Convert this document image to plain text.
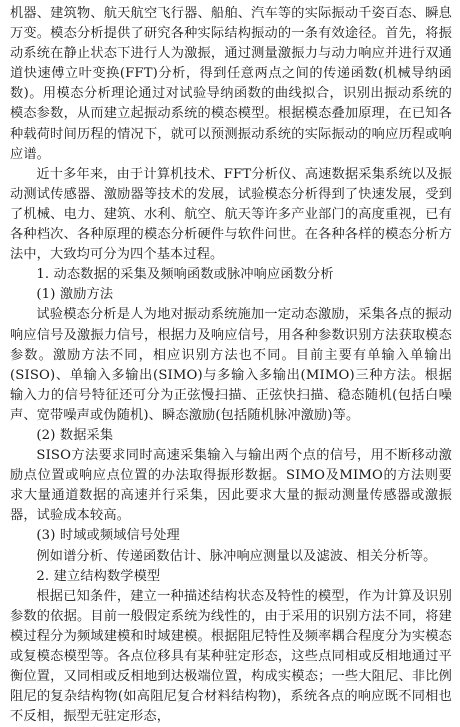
机器、建筑物、航天航空飞行器、船舶、汽车等的实际振动千姿百态、瞬息万变。模态分析提供了研究各种实际结构振动的一条有效途径。首先，将振动系统在静止状态下进行人为激振，通过测量激振力与动力响应并进行双通道快速傅立叶变换(FFT)分析，得到任意两点之间的传递函数(机械导纳函数)。用模态分析理论通过对试验导纳函数的曲线拟合，识别出振动系统的模态参数，从而建立起振动系统的模态模型。根据模态叠加原理，在已知各种载荷时间历程的情况下，就可以预测振动系统的实际振动的响应历程或响应谱。

近十多年来，由于计算机技术、FFT分析仪、高速数据采集系统以及振动测试传感器、激励器等技术的发展，试验模态分析得到了快速发展，受到了机械、电力、建筑、水利、航空、航天等许多产业部门的高度重视，已有各种档次、各种原理的模态分析硬件与软件问世。在各种各样的模态分析方法中，大致均可分为四个基本过程。

1. 动态数据的采集及频响函数或脉冲响应函数分析

(1) 激励方法

试验模态分析是人为地对振动系统施加一定动态激励，采集各点的振动响应信号及激振力信号，根据力及响应信号，用各种参数识别方法获取模态参数。激励方法不同，相应识别方法也不同。目前主要有单输入单输出(SISO)、单输入多输出(SIMO)与多输入多输出(MIMO)三种方法。根据输入力的信号特征还可分为正弦慢扫描、正弦快扫描、稳态随机(包括白噪声、宽带噪声或伪随机)、瞬态激励(包括随机脉冲激励)等。

(2) 数据采集

SISO方法要求同时高速采集输入与输出两个点的信号，用不断移动激励点位置或响应点位置的办法取得振形数据。SIMO及MIMO的方法则要求大量通道数据的高速并行采集，因此要求大量的振动测量传感器或激振器，试验成本较高。

(3) 时域或频域信号处理

例如谱分析、传递函数估计、脉冲响应测量以及滤波、相关分析等。

2. 建立结构数学模型

根据已知条件，建立一种描述结构状态及特性的模型，作为计算及识别参数的依据。目前一般假定系统为线性的，由于采用的识别方法不同，将建模过程分为频域建模和时域建模。根据阻尼特性及频率耦合程度分为实模态或复模态模型等。各点位移具有某种驻定形态，这些点同相或反相地通过平衡位置，又同相或反相地到达极端位置，构成实模态；一些大阻尼、非比例阻尼的复杂结构物(如高阻尼复合材料结构物)，系统各点的响应既不同相也不反相，振型无驻定形态，
